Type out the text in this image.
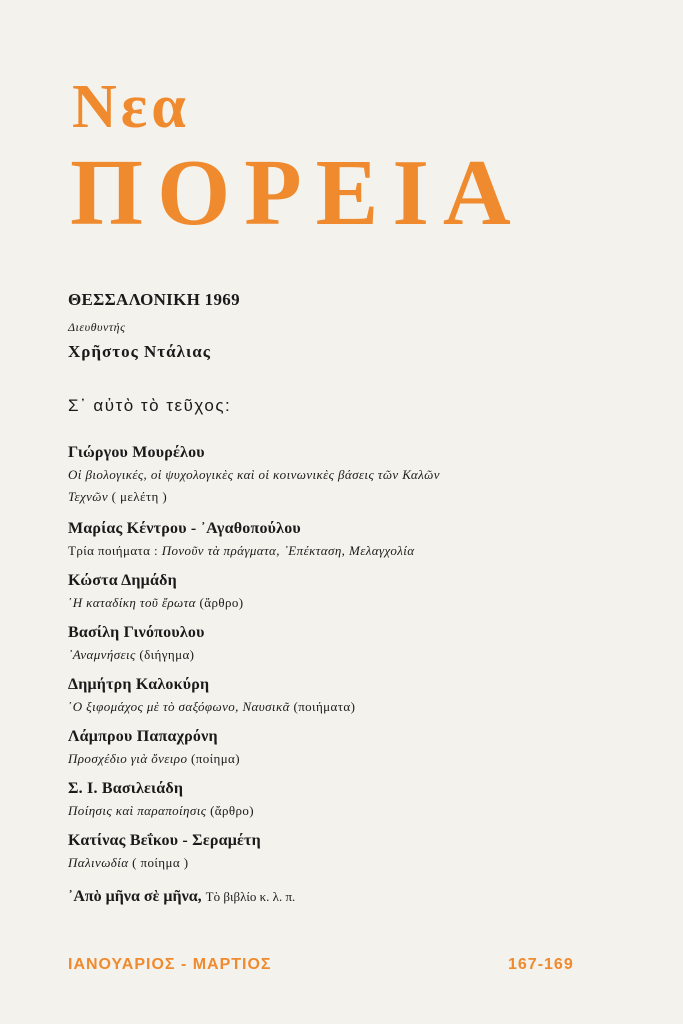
Νεα
ΠΟΡΕΙΑ
ΘΕΣΣΑΛΟΝΙΚΗ 1969
Διευθυντής
Χρῆστος Ντάλιας
Σ᾽ αὐτὸ τὸ τεῦχος:
Γιώργου Μουρέλου
Οἱ βιολογικές, οἱ ψυχολογικὲς καὶ οἱ κοινωνικὲς βάσεις τῶν Καλῶν
Τεχνῶν ( μελέτη )
Μαρίας Κέντρου - ᾽Αγαθοπούλου
Τρία ποιήματα : Πονοῦν τὰ πράγματα, ᾽Επέκταση, Μελαγχολία
Κώστα Δημάδη
῾Η καταδίκη τοῦ ἔρωτα (ἄρθρο)
Βασίλη Γινόπουλου
᾽Αναμνήσεις (διήγημα)
Δημήτρη Καλοκύρη
῾Ο ξιφομάχος μὲ τὸ σαξόφωνο, Ναυσικᾶ (ποιήματα)
Λάμπρου Παπαχρόνη
Προσχέδιο γιὰ ὄνειρο (ποίημα)
Σ. Ι. Βασιλειάδη
Ποίησις καὶ παραποίησις (ἄρθρο)
Κατίνας Βεΐκου - Σεραμέτη
Παλινωδία ( ποίημα )
᾽Απὸ μῆνα σὲ μῆνα, Τὸ βιβλίο κ. λ. π.
ΙΑΝΟΥΑΡΙΟΣ - ΜΑΡΤΙΟΣ	167-169
